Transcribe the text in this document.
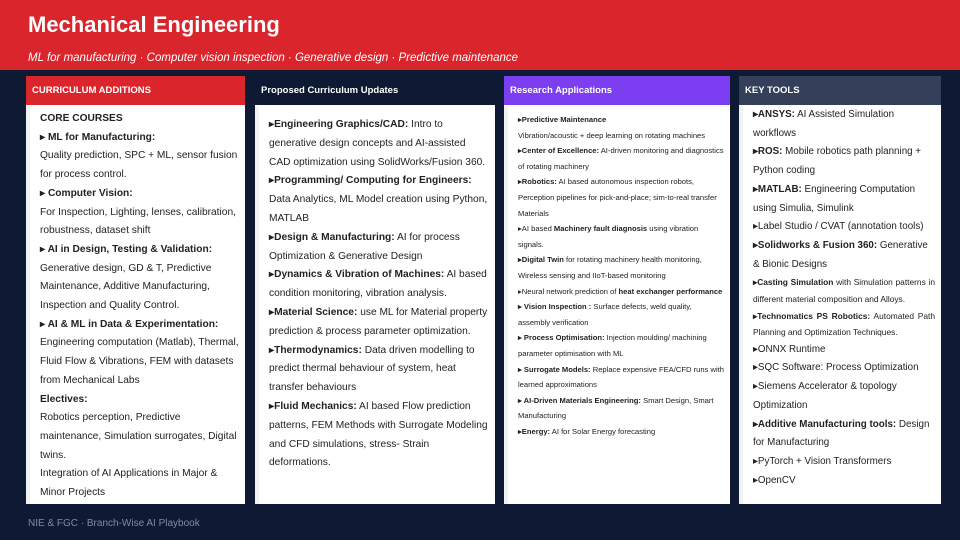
Mechanical Engineering
ML for manufacturing · Computer vision inspection · Generative design · Predictive maintenance
CURRICULUM ADDITIONS
CORE COURSES
▸ ML for Manufacturing:
Quality prediction, SPC + ML, sensor fusion for process control.
▸ Computer Vision:
For Inspection, Lighting, lenses, calibration, robustness, dataset shift
▸ AI in Design, Testing & Validation:
Generative design, GD & T, Predictive Maintenance, Additive Manufacturing, Inspection and Quality Control.
▸ AI & ML in Data & Experimentation:
Engineering computation (Matlab), Thermal, Fluid Flow & Vibrations, FEM with datasets from Mechanical Labs
Electives:
Robotics perception, Predictive maintenance, Simulation surrogates, Digital twins.
Integration of AI Applications in Major & Minor Projects
Proposed Curriculum Updates
▸Engineering Graphics/CAD: Intro to generative design concepts and AI-assisted CAD optimization using SolidWorks/Fusion 360.
▸Programming/ Computing for Engineers: Data Analytics, ML Model creation using Python, MATLAB
▸Design & Manufacturing: AI for process Optimization & Generative Design
▸Dynamics & Vibration of Machines: AI based condition monitoring, vibration analysis.
▸Material Science: use ML for Material property prediction & process parameter optimization.
▸Thermodynamics: Data driven modelling to predict thermal behaviour of system, heat transfer behaviours
▸Fluid Mechanics: AI based Flow prediction patterns, FEM Methods with Surrogate Modeling and CFD simulations, stress- Strain deformations.
Research Applications
▸Predictive Maintenance
Vibration/acoustic + deep learning on rotating machines
▸Center of Excellence: AI-driven monitoring and diagnostics of rotating machinery
▸Robotics: AI based autonomous inspection robots, Perception pipelines for pick-and-place; sim-to-real transfer
Materials
▸AI based Machinery fault diagnosis using vibration signals.
▸Digital Twin for rotating machinery health monitoring, Wireless sensing and IIoT-based monitoring
▸Neural network prediction of heat exchanger performance
▸ Vision Inspection : Surface defects, weld quality, assembly verification
▸ Process Optimisation: Injection moulding/ machining parameter optimisation with ML
▸ Surrogate Models: Replace expensive FEA/CFD runs with learned approximations
▸ AI-Driven Materials Engineering: Smart Design, Smart Manufacturing
▸Energy: AI for Solar Energy forecasting
KEY TOOLS
▸ANSYS: AI Assisted Simulation workflows
▸ROS: Mobile robotics path planning + Python coding
▸MATLAB: Engineering Computation using Simulia, Simulink
▸Label Studio / CVAT (annotation tools)
▸Solidworks & Fusion 360: Generative & Bionic Designs
▸Casting Simulation with Simulation patterns in different material composition and Alloys.
▸Technomatics PS Robotics: Automated Path Planning and Optimization Techniques.
▸ONNX Runtime
▸SQC Software: Process Optimization
▸Siemens Accelerator & topology Optimization
▸Additive Manufacturing tools: Design for Manufacturing
▸PyTorch + Vision Transformers
▸OpenCV
NIE & FGC · Branch-Wise AI Playbook
